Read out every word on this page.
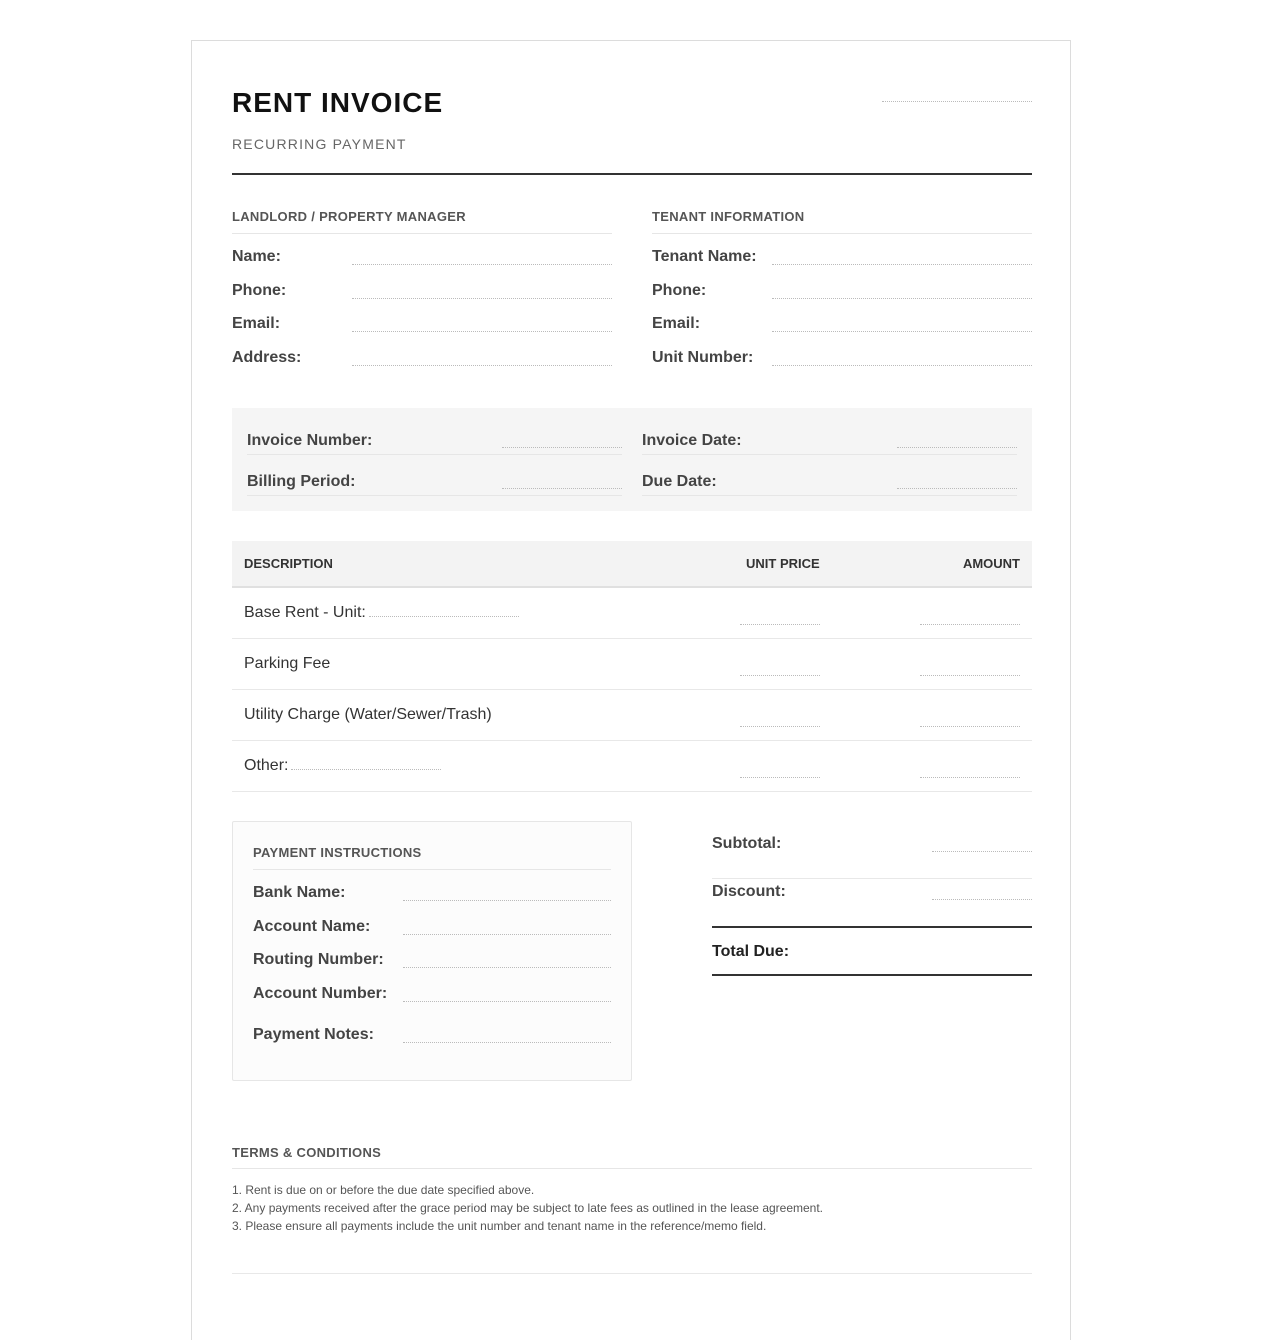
RENT INVOICE
RECURRING PAYMENT
LANDLORD / PROPERTY MANAGER
Name:
Phone:
Email:
Address:
TENANT INFORMATION
Tenant Name:
Phone:
Email:
Unit Number:
Invoice Number:	Invoice Date:
Billing Period:	Due Date:
DESCRIPTION	UNIT PRICE	AMOUNT
Base Rent - Unit:
Parking Fee
Utility Charge (Water/Sewer/Trash)
Other:
PAYMENT INSTRUCTIONS
Bank Name:
Account Name:
Routing Number:
Account Number:
Payment Notes:
Subtotal:
Discount:
Total Due:
TERMS & CONDITIONS
1. Rent is due on or before the due date specified above.
2. Any payments received after the grace period may be subject to late fees as outlined in the lease agreement.
3. Please ensure all payments include the unit number and tenant name in the reference/memo field.
